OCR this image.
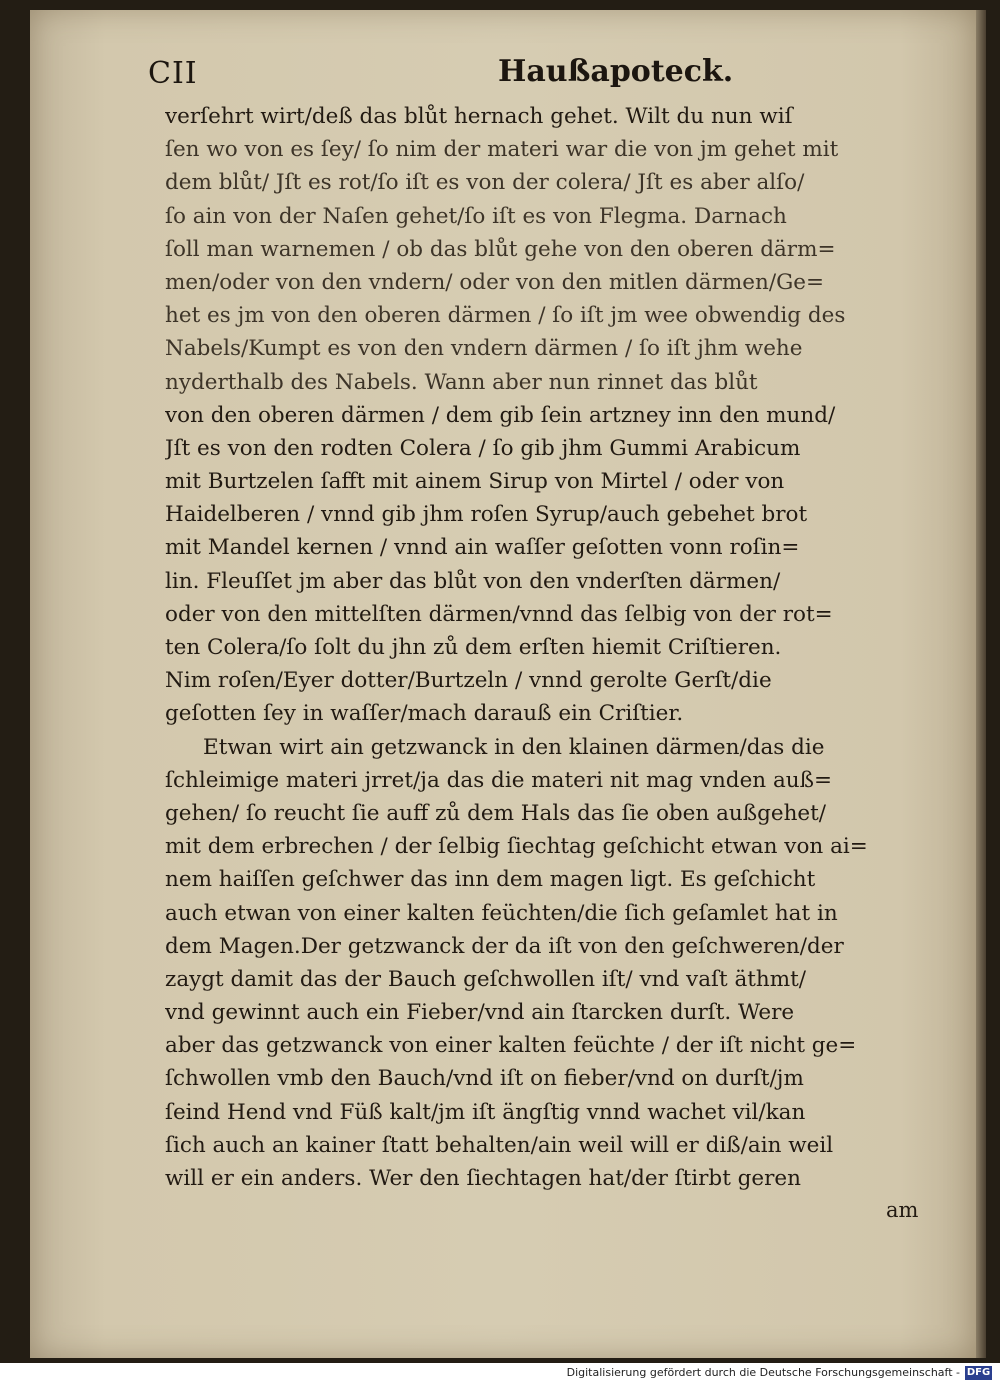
CII	Haußapoteck.
verſehrt wirt/deß das blůt hernach gehet. Wilt du nun wiſ
ſen wo von es ſey/ ſo nim der materi war die von jm gehet mit
dem blůt/ Jſt es rot/ſo iſt es von der colera/ Jſt es aber alſo/
ſo ain von der Naſen gehet/ſo iſt es von Flegma. Darnach
ſoll man warnemen / ob das blůt gehe von den oberen därm=
men/oder von den vndern/ oder von den mitlen därmen/Ge=
het es jm von den oberen därmen / ſo iſt jm wee obwendig des
Nabels/Kumpt es von den vndern därmen / ſo iſt jhm wehe
nyderthalb des Nabels. Wann aber nun rinnet das blůt
von den oberen därmen / dem gib ſein artzney inn den mund/
Jſt es von den rodten Colera / ſo gib jhm Gummi Arabicum
mit Burtzelen ſafft mit ainem Sirup von Mirtel / oder von
Haidelberen / vnnd gib jhm roſen Syrup/auch gebehet brot
mit Mandel kernen / vnnd ain waſſer geſotten vonn roſin=
lin. Fleuſſet jm aber das blůt von den vnderſten därmen/
oder von den mittelſten därmen/vnnd das ſelbig von der rot=
ten Colera/ſo ſolt du jhn zů dem erſten hiemit Criſtieren.
Nim roſen/Eyer dotter/Burtzeln / vnnd gerolte Gerſt/die
geſotten ſey in waſſer/mach darauß ein Criſtier.
Etwan wirt ain getzwanck in den klainen därmen/das die
ſchleimige materi jrret/ja das die materi nit mag vnden auß=
gehen/ ſo reucht ſie auff zů dem Hals das ſie oben außgehet/
mit dem erbrechen / der ſelbig ſiechtag geſchicht etwan von ai=
nem haiſſen geſchwer das inn dem magen ligt. Es geſchicht
auch etwan von einer kalten feüchten/die ſich geſamlet hat in
dem Magen.Der getzwanck der da iſt von den geſchweren/der
zaygt damit das der Bauch geſchwollen iſt/ vnd vaſt äthmt/
vnd gewinnt auch ein Fieber/vnd ain ſtarcken durſt. Were
aber das getzwanck von einer kalten feüchte / der iſt nicht ge=
ſchwollen vmb den Bauch/vnd iſt on fieber/vnd on durſt/jm
ſeind Hend vnd Füß kalt/jm iſt ängſtig vnnd wachet vil/kan
ſich auch an kainer ſtatt behalten/ain weil will er diß/ain weil
will er ein anders. Wer den ſiechtagen hat/der ſtirbt geren
am
Digitalisierung gefördert durch die Deutsche Forschungsgemeinschaft - DFG
